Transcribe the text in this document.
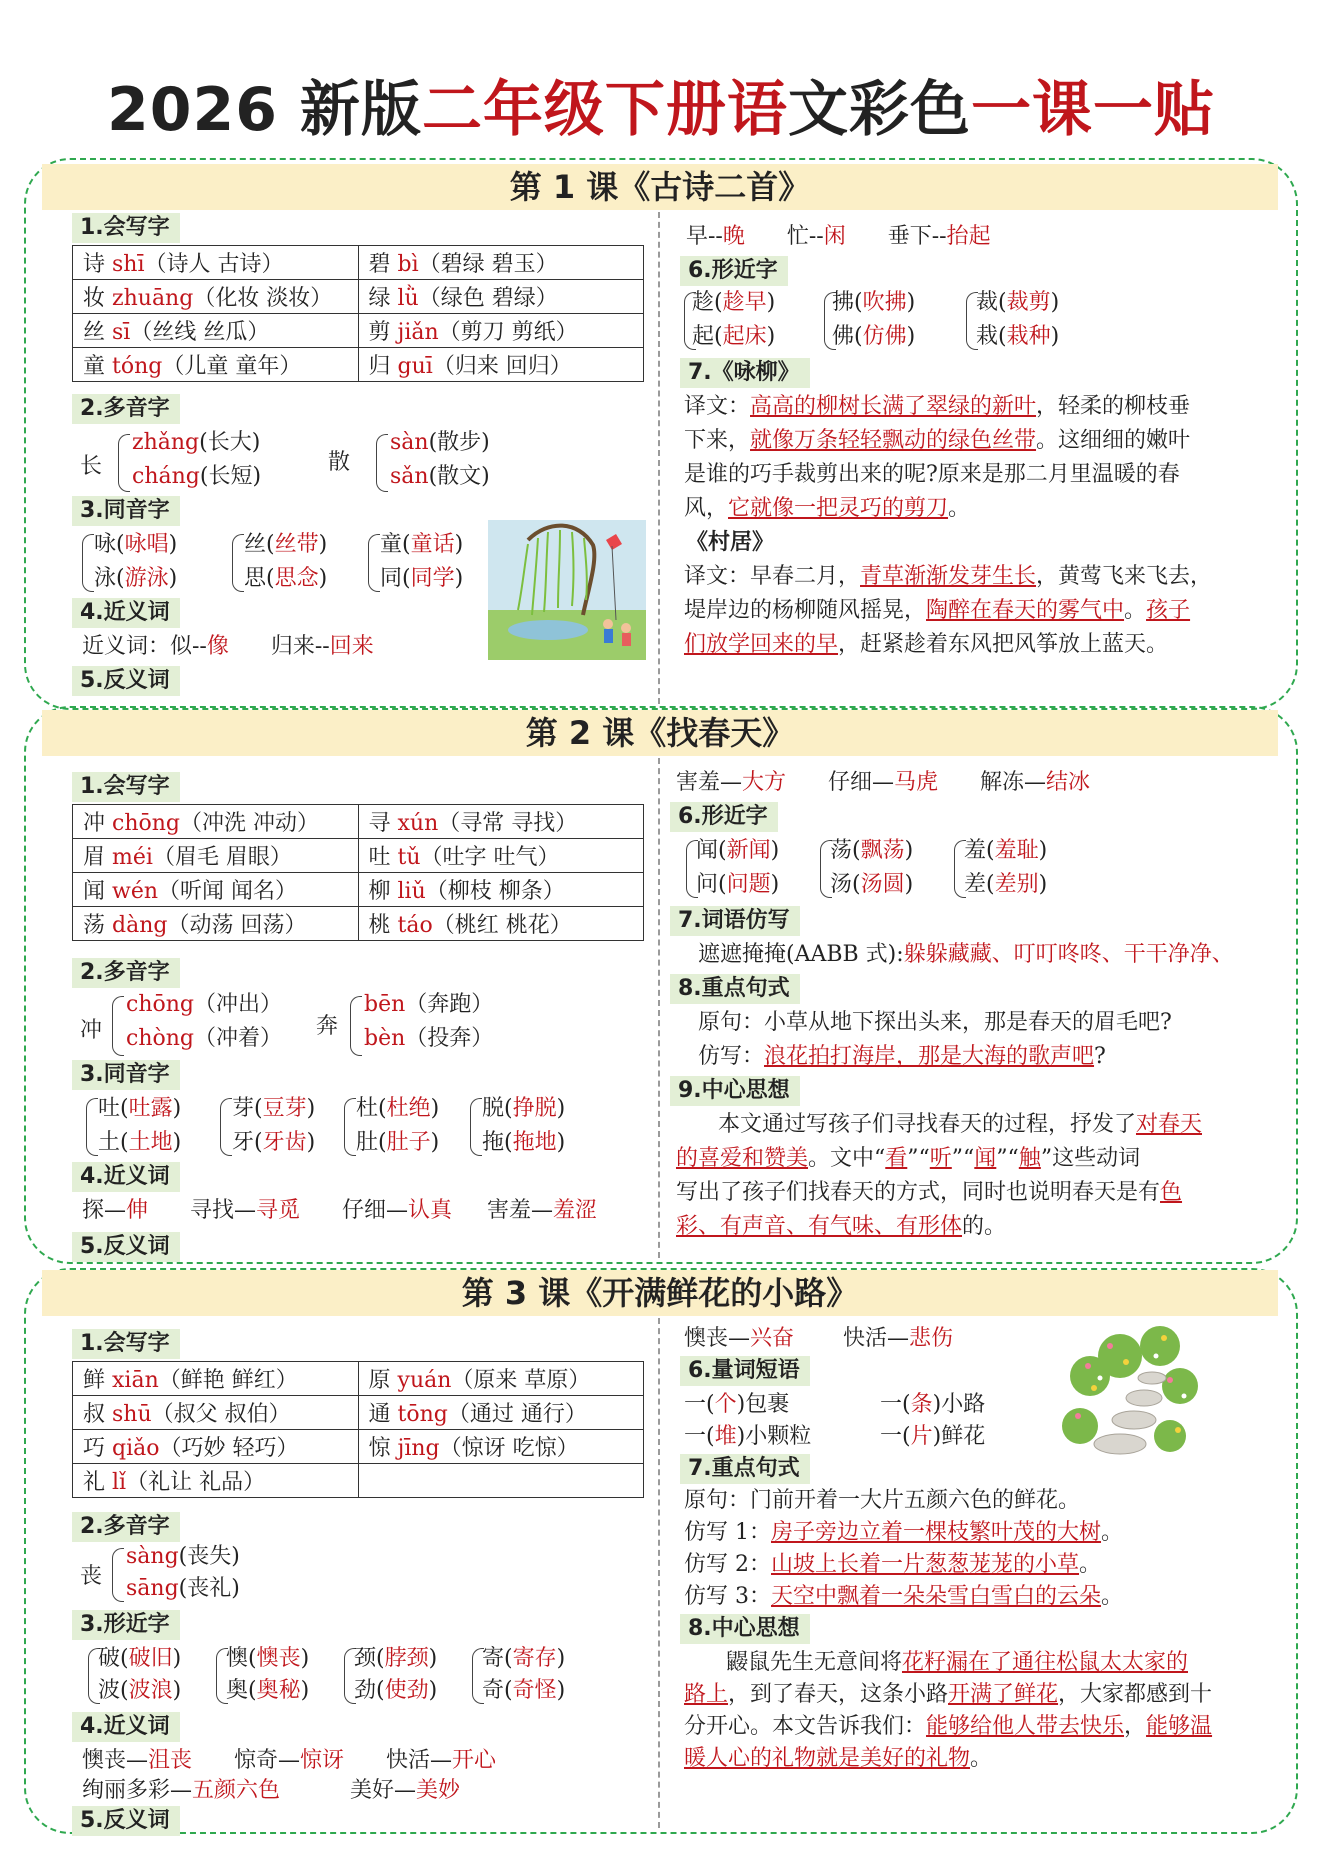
2026 新版二年级下册语文彩色一课一贴
第 1 课《古诗二首》
1.会写字
诗 shī（诗人 古诗）	碧 bì（碧绿 碧玉）
妆 zhuāng（化妆 淡妆）	绿 lǜ（绿色 碧绿）
丝 sī（丝线 丝瓜）	剪 jiǎn（剪刀 剪纸）
童 tóng（儿童 童年）	归 guī（归来 回归）
2.多音字
长
zhǎng(长大)
cháng(长短)
散
sàn(散步)
sǎn(散文)
3.同音字
咏(咏唱)
泳(游泳)
丝(丝带)
思(思念)
童(童话)
同(同学)
4.近义词
近义词：似--像 归来--回来
5.反义词
早--晚 忙--闲 垂下--抬起
6.形近字
趁(趁早)
起(起床)
拂(吹拂)
佛(仿佛)
裁(裁剪)
栽(栽种)
7.《咏柳》
译文：高高的柳树长满了翠绿的新叶，轻柔的柳枝垂
下来，就像万条轻轻飘动的绿色丝带。这细细的嫩叶
是谁的巧手裁剪出来的呢?原来是那二月里温暖的春
风，它就像一把灵巧的剪刀。
《村居》
译文：早春二月，青草渐渐发芽生长，黄莺飞来飞去，
堤岸边的杨柳随风摇晃，陶醉在春天的雾气中。孩子
们放学回来的早，赶紧趁着东风把风筝放上蓝天。
第 2 课《找春天》
1.会写字
冲 chōng（冲洗 冲动）	寻 xún（寻常 寻找）
眉 méi（眉毛 眉眼）	吐 tǔ（吐字 吐气）
闻 wén（听闻 闻名）	柳 liǔ（柳枝 柳条）
荡 dàng（动荡 回荡）	桃 táo（桃红 桃花）
2.多音字
冲
chōng（冲出）
chòng（冲着） 奔
bēn（奔跑）
bèn（投奔）
3.同音字
吐(吐露)
土(土地)
芽(豆芽)
牙(牙齿)
杜(杜绝)
肚(肚子)
脱(挣脱)
拖(拖地)
4.近义词
探—伸 寻找—寻觅 仔细—认真 害羞—羞涩
5.反义词
害羞—大方 仔细—马虎 解冻—结冰
6.形近字
闻(新闻)
问(问题)
荡(飘荡)
汤(汤圆)
羞(羞耻)
差(差别)
7.词语仿写
遮遮掩掩(AABB 式):躲躲藏藏、叮叮咚咚、干干净净、
8.重点句式
原句：小草从地下探出头来，那是春天的眉毛吧?
仿写：浪花拍打海岸，那是大海的歌声吧?
9.中心思想
本文通过写孩子们寻找春天的过程，抒发了对春天
的喜爱和赞美。文中“看”“听”“闻”“触”这些动词
写出了孩子们找春天的方式，同时也说明春天是有色
彩、有声音、有气味、有形体的。
第 3 课《开满鲜花的小路》
1.会写字
鲜 xiān（鲜艳 鲜红）	原 yuán（原来 草原）
叔 shū（叔父 叔伯）	通 tōng（通过 通行）
巧 qiǎo（巧妙 轻巧）	惊 jīng（惊讶 吃惊）
礼 lǐ（礼让 礼品）	
2.多音字
丧
sàng(丧失)
sāng(丧礼)
3.形近字
破(破旧)
波(波浪)
懊(懊丧)
奥(奥秘)
颈(脖颈)
劲(使劲)
寄(寄存)
奇(奇怪)
4.近义词
懊丧—沮丧 惊奇—惊讶 快活—开心
绚丽多彩—五颜六色	美好—美妙
5.反义词
懊丧—兴奋 快活—悲伤
6.量词短语
一(个)包裹	一(条)小路
一(堆)小颗粒	一(片)鲜花
7.重点句式
原句：门前开着一大片五颜六色的鲜花。
仿写 1：房子旁边立着一棵枝繁叶茂的大树。
仿写 2：山坡上长着一片葱葱茏茏的小草。
仿写 3：天空中飘着一朵朵雪白雪白的云朵。
8.中心思想
鼹鼠先生无意间将花籽漏在了通往松鼠太太家的
路上，到了春天，这条小路开满了鲜花，大家都感到十
分开心。本文告诉我们：能够给他人带去快乐，能够温
暖人心的礼物就是美好的礼物。
